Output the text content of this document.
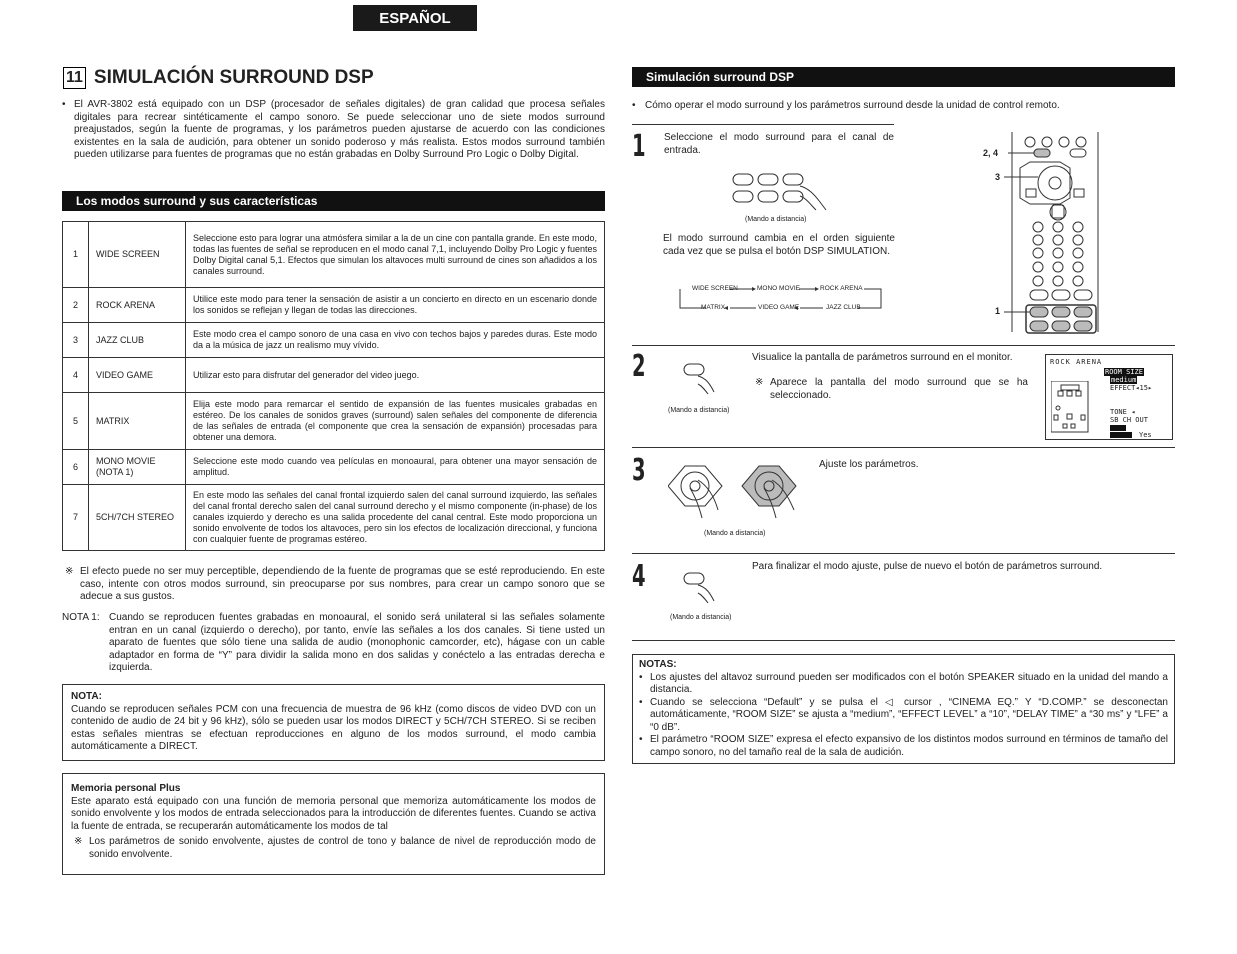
ESPAÑOL
11 SIMULACIÓN SURROUND DSP
• El AVR-3802 está equipado con un DSP (procesador de señales digitales) de gran calidad que procesa señales digitales para recrear sintéticamente el campo sonoro. Se puede seleccionar uno de siete modos surround preajustados, según la fuente de programas, y los parámetros pueden ajustarse de acuerdo con las condiciones existentes en la sala de audición, para obtener un sonido poderoso y más realista. Estos modos surround también pueden utilizarse para fuentes de programas que no están grabadas en Dolby Surround Pro Logic o Dolby Digital.
Los modos surround y sus características
1	WIDE SCREEN	Seleccione esto para lograr una atmósfera similar a la de un cine con pantalla grande. En este modo, todas las fuentes de señal se reproducen en el modo canal 7,1, incluyendo Dolby Pro Logic y fuentes Dolby Digital canal 5,1. Efectos que simulan los altavoces multi surround de cines son añadidos a los canales surround.
2	ROCK ARENA	Utilice este modo para tener la sensación de asistir a un concierto en directo en un escenario donde los sonidos se reflejan y llegan de todas las direcciones.
3	JAZZ CLUB	Este modo crea el campo sonoro de una casa en vivo con techos bajos y paredes duras. Este modo da a la música de jazz un realismo muy vívido.
4	VIDEO GAME	Utilizar esto para disfrutar del generador del video juego.
5	MATRIX	Elija este modo para remarcar el sentido de expansión de las fuentes musicales grabadas en estéreo. De los canales de sonidos graves (surround) salen señales del componente de diferencia de las señales de entrada (el componente que crea la sensación de expansión) procesadas para obtener una demora.
6	MONO MOVIE (NOTA 1)	Seleccione este modo cuando vea películas en monoaural, para obtener una mayor sensación de amplitud.
7	5CH/7CH STEREO	En este modo las señales del canal frontal izquierdo salen del canal surround izquierdo, las señales del canal frontal derecho salen del canal surround derecho y el mismo componente (in-phase) de los canales izquierdo y derecho es una salida procedente del canal central. Este modo proporciona un sonido envolvente de todos los altavoces, pero sin los efectos de localización direccional, y funciona con cualquier fuente de programas estéreo.
※ El efecto puede no ser muy perceptible, dependiendo de la fuente de programas que se esté reproduciendo. En este caso, intente con otros modos surround, sin preocuparse por sus nombres, para crear un campo sonoro que se adecue a sus gustos.
NOTA 1: Cuando se reproducen fuentes grabadas en monoaural, el sonido será unilateral si las señales solamente entran en un canal (izquierdo o derecho), por tanto, envíe las señales a los dos canales. Si tiene usted un aparato de fuentes que sólo tiene una salida de audio (monophonic camcorder, etc), hágase con un cable adaptador en forma de “Y” para dividir la salida mono en dos salidas y conéctelo a las entradas derecha e izquierda.
NOTA:
Cuando se reproducen señales PCM con una frecuencia de muestra de 96 kHz (como discos de video DVD con un contenido de audio de 24 bit y 96 kHz), sólo se pueden usar los modos DIRECT y 5CH/7CH STEREO. Si se reciben estas señales mientras se efectuan reproducciones en alguno de los modos surround, el modo cambia automáticamente a DIRECT.
Memoria personal Plus
Este aparato está equipado con una función de memoria personal que memoriza automáticamente los modos de sonido envolvente y los modos de entrada seleccionados para la introducción de diferentes fuentes. Cuando se activa la fuente de entrada, se recuperarán automáticamente los modos de tal
※ Los parámetros de sonido envolvente, ajustes de control de tono y balance de nivel de reproducción modo de sonido envolvente.
Simulación surround DSP
• Cómo operar el modo surround y los parámetros surround desde la unidad de control remoto.
1 Seleccione el modo surround para el canal de entrada.
(Mando a distancia)
El modo surround cambia en el orden siguiente cada vez que se pulsa el botón DSP SIMULATION.
WIDE SCREEN	MONO MOVIE	ROCK ARENA
MATRIX	VIDEO GAME	JAZZ CLUB
2, 4
3
1
2
(Mando a distancia)
Visualice la pantalla de parámetros surround en el monitor.
※ Aparece la pantalla del modo surround que se ha seleccionado.
ROCK ARENA
ROOM SIZE
medium
EFFECT◂15▸
TONE ◂
SB CH OUT
Yes
3
(Mando a distancia)
Ajuste los parámetros.
4
(Mando a distancia)
Para finalizar el modo ajuste, pulse de nuevo el botón de parámetros surround.
NOTAS:
• Los ajustes del altavoz surround pueden ser modificados con el botón SPEAKER situado en la unidad del mando a distancia.
• Cuando se selecciona “Default” y se pulsa el ◁ cursor , “CINEMA EQ.” Y “D.COMP.” se desconectan automáticamente, “ROOM SIZE” se ajusta a “medium”, “EFFECT LEVEL” a “10”, “DELAY TIME” a “30 ms” y “LFE” a “0 dB”.
• El parámetro “ROOM SIZE” expresa el efecto expansivo de los distintos modos surround en términos de tamaño del campo sonoro, no del tamaño real de la sala de audición.
